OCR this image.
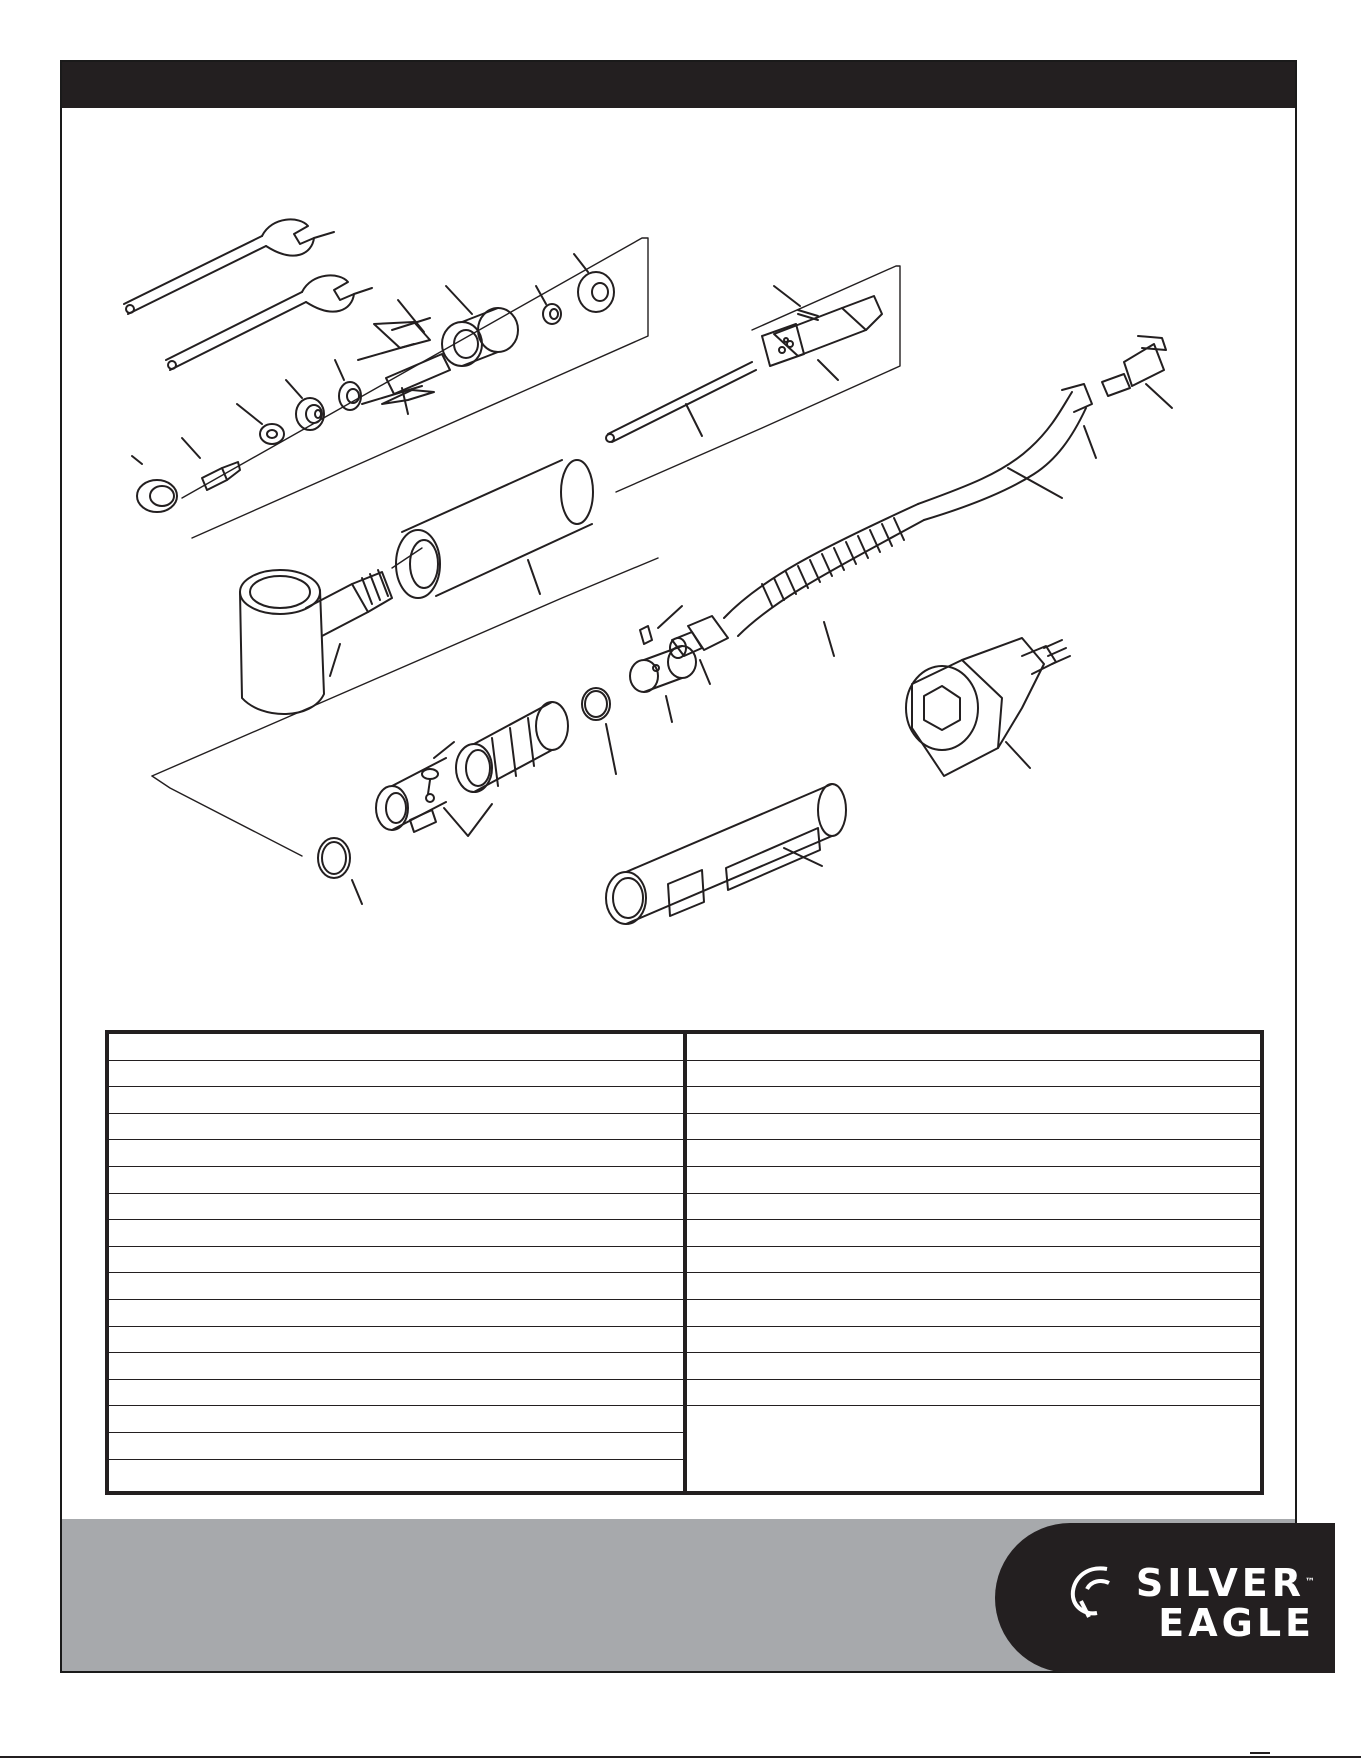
SILVER™
EAGLE
